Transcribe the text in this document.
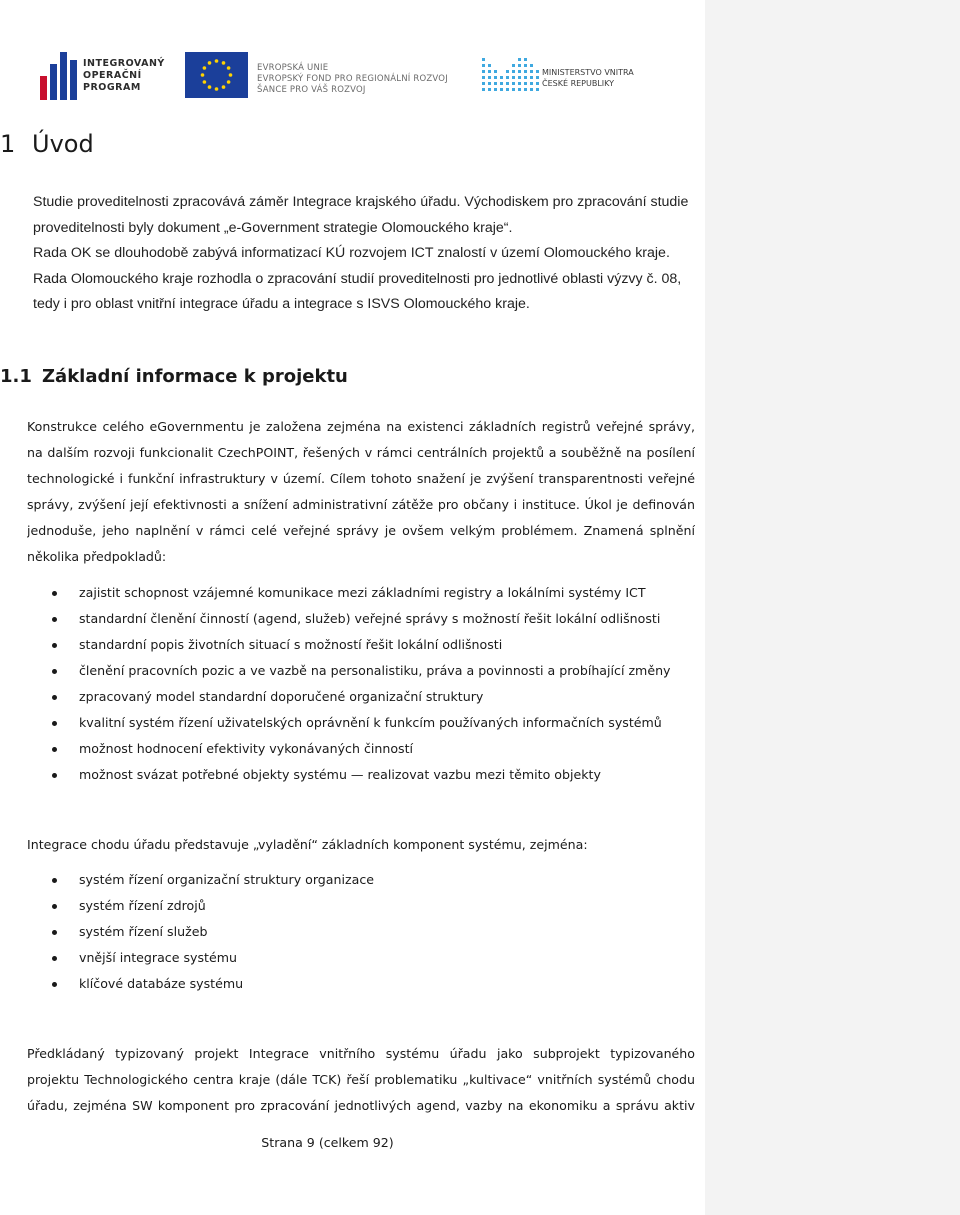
INTEGROVANÝ
OPERAČNÍ
PROGRAM
EVROPSKÁ UNIE
EVROPSKÝ FOND PRO REGIONÁLNÍ ROZVOJ
ŠANCE PRO VÁŠ ROZVOJ
MINISTERSTVO VNITRA
ČESKÉ REPUBLIKY
1 Úvod
Studie proveditelnosti zpracovává záměr Integrace krajského úřadu. Východiskem pro zpracování studie
proveditelnosti byly dokument „e-Government strategie Olomouckého kraje“.
Rada OK se dlouhodobě zabývá informatizací KÚ rozvojem ICT znalostí v území Olomouckého kraje.
Rada Olomouckého kraje rozhodla o zpracování studií proveditelnosti pro jednotlivé oblasti výzvy č. 08,
tedy i pro oblast vnitřní integrace úřadu a integrace s ISVS Olomouckého kraje.
1.1 Základní informace k projektu
Konstrukce celého eGovernmentu je založena zejména na existenci základních registrů veřejné správy,
na dalším rozvoji funkcionalit CzechPOINT, řešených v rámci centrálních projektů a souběžně na posílení
technologické i funkční infrastruktury v území. Cílem tohoto snažení je zvýšení transparentnosti veřejné
správy, zvýšení její efektivnosti a snížení administrativní zátěže pro občany i instituce. Úkol je definován
jednoduše, jeho naplnění v rámci celé veřejné správy je ovšem velkým problémem. Znamená splnění
několika předpokladů:
zajistit schopnost vzájemné komunikace mezi základními registry a lokálními systémy ICT
standardní členění činností (agend, služeb) veřejné správy s možností řešit lokální odlišnosti
standardní popis životních situací s možností řešit lokální odlišnosti
členění pracovních pozic a ve vazbě na personalistiku, práva a povinnosti a probíhající změny
zpracovaný model standardní doporučené organizační struktury
kvalitní systém řízení uživatelských oprávnění k funkcím používaných informačních systémů
možnost hodnocení efektivity vykonávaných činností
možnost svázat potřebné objekty systému — realizovat vazbu mezi těmito objekty
Integrace chodu úřadu představuje „vyladění“ základních komponent systému, zejména:
systém řízení organizační struktury organizace
systém řízení zdrojů
systém řízení služeb
vnější integrace systému
klíčové databáze systému
Předkládaný typizovaný projekt Integrace vnitřního systému úřadu jako subprojekt typizovaného
projektu Technologického centra kraje (dále TCK) řeší problematiku „kultivace“ vnitřních systémů chodu
úřadu, zejména SW komponent pro zpracování jednotlivých agend, vazby na ekonomiku a správu aktiv
Strana 9 (celkem 92)
